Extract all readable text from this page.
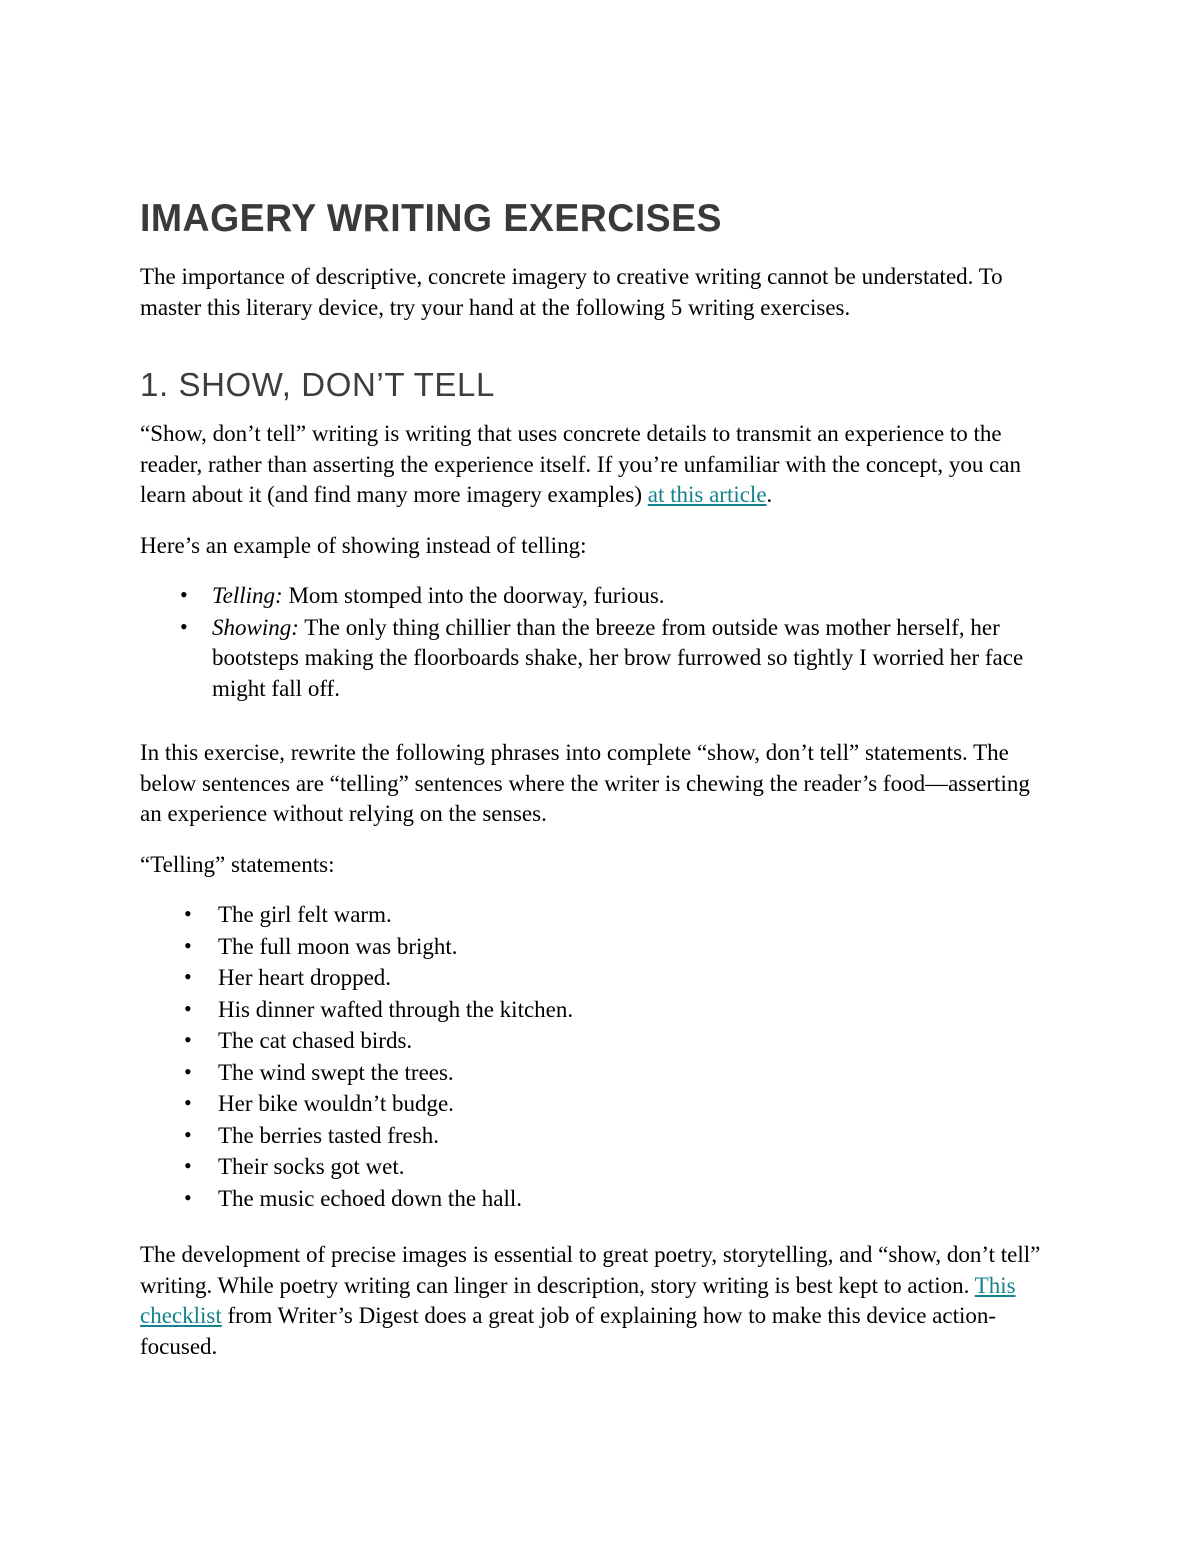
IMAGERY WRITING EXERCISES

The importance of descriptive, concrete imagery to creative writing cannot be understated. To master this literary device, try your hand at the following 5 writing exercises.

1. SHOW, DON’T TELL

“Show, don’t tell” writing is writing that uses concrete details to transmit an experience to the reader, rather than asserting the experience itself. If you’re unfamiliar with the concept, you can learn about it (and find many more imagery examples) at this article.

Here’s an example of showing instead of telling:

• Telling: Mom stomped into the doorway, furious.
• Showing: The only thing chillier than the breeze from outside was mother herself, her bootsteps making the floorboards shake, her brow furrowed so tightly I worried her face might fall off.

In this exercise, rewrite the following phrases into complete “show, don’t tell” statements. The below sentences are “telling” sentences where the writer is chewing the reader’s food—asserting an experience without relying on the senses.

“Telling” statements:

• The girl felt warm.
• The full moon was bright.
• Her heart dropped.
• His dinner wafted through the kitchen.
• The cat chased birds.
• The wind swept the trees.
• Her bike wouldn’t budge.
• The berries tasted fresh.
• Their socks got wet.
• The music echoed down the hall.

The development of precise images is essential to great poetry, storytelling, and “show, don’t tell” writing. While poetry writing can linger in description, story writing is best kept to action. This checklist from Writer’s Digest does a great job of explaining how to make this device action-focused.
